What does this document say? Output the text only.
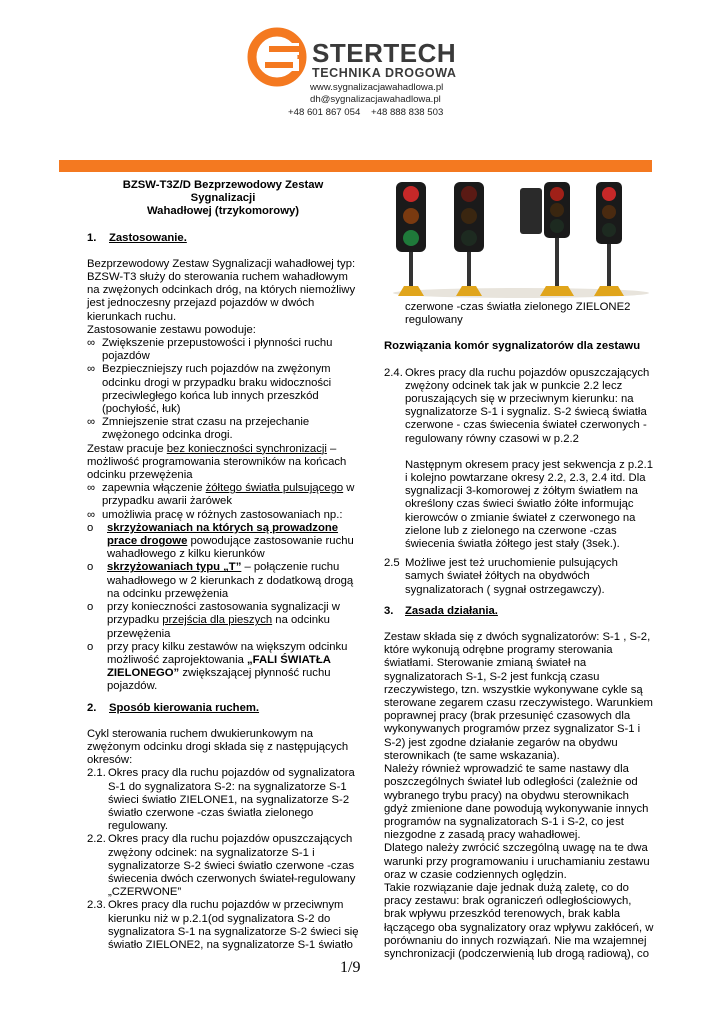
STERTECH
TECHNIKA DROGOWA
www.sygnalizacjawahadlowa.pl
dh@sygnalizacjawahadlowa.pl
+48 601 867 054 +48 888 838 503
BZSW-T3Z/D Bezprzewodowy Zestaw
Sygnalizacji
Wahadłowej (trzykomorowy)
1.	Zastosowanie.

Bezprzewodowy Zestaw Sygnalizacji wahadłowej typ: BZSW-T3 służy do sterowania ruchem wahadłowym na zwężonych odcinkach dróg, na których niemożliwy jest jednoczesny przejazd pojazdów w dwóch kierunkach ruchu.

Zastosowanie zestawu powoduje:

∞ Zwiększenie przepustowości i płynności ruchu pojazdów
∞ Bezpieczniejszy ruch pojazdów na zwężonym odcinku drogi w przypadku braku widoczności przeciwległego końca lub innych przeszkód (pochyłość, łuk)
∞ Zmniejszenie strat czasu na przejechanie zwężonego odcinka drogi.

Zestaw pracuje bez konieczności synchronizacji – możliwość programowania sterowników na końcach odcinku przewężenia

∞ zapewnia włączenie żółtego światła pulsującego w przypadku awarii żarówek
∞ umożliwia pracę w różnych zastosowaniach np.:
o	skrzyżowaniach na których są prowadzone prace drogowe powodujące zastosowanie ruchu wahadłowego z kilku kierunków
o	skrzyżowaniach typu „T” – połączenie ruchu wahadłowego w 2 kierunkach z dodatkową drogą na odcinku przewężenia
o	przy konieczności zastosowania sygnalizacji w przypadku przejścia dla pieszych na odcinku przewężenia
o	przy pracy kilku zestawów na większym odcinku możliwość zaprojektowania „FALI ŚWIATŁA ZIELONEGO” zwiększającej płynność ruchu pojazdów.
2.	Sposób kierowania ruchem.

Cykl sterowania ruchem dwukierunkowym na zwężonym odcinku drogi składa się z następujących okresów:

2.1. Okres pracy dla ruchu pojazdów od sygnalizatora S-1 do sygnalizatora S-2: na sygnalizatorze S-1 świeci światło ZIELONE1, na sygnalizatorze S-2 światło czerwone -czas światła zielonego regulowany.
2.2. Okres pracy dla ruchu pojazdów opuszczających zwężony odcinek: na sygnalizatorze S-1 i sygnalizatorze S-2 świeci światło czerwone -czas świecenia dwóch czerwonych świateł-regulowany „CZERWONE”
2.3. Okres pracy dla ruchu pojazdów w przeciwnym kierunku niż w p.2.1(od sygnalizatora S-2 do sygnalizatora S-1 na sygnalizatorze S-2 świeci się światło ZIELONE2, na sygnalizatorze S-1 światło

czerwone -czas światła zielonego ZIELONE2 regulowany

Rozwiązania komór sygnalizatorów dla zestawu

2.4. Okres pracy dla ruchu pojazdów opuszczających zwężony odcinek tak jak w punkcie 2.2 lecz poruszających się w przeciwnym kierunku: na sygnalizatorze S-1 i sygnaliz. S-2 świecą światła czerwone - czas świecenia świateł czerwonych - regulowany równy czasowi w p.2.2

Następnym okresem pracy jest sekwencja z p.2.1 i kolejno powtarzane okresy 2.2, 2.3, 2.4 itd. Dla sygnalizacji 3-komorowej z żółtym światłem na określony czas świeci światło żółte informując kierowców o zmianie świateł z czerwonego na zielone lub z zielonego na czerwone -czas świecenia światła żółtego jest stały (3sek.).

2.5 Możliwe jest też uruchomienie pulsujących samych świateł żółtych na obydwóch sygnalizatorach ( sygnał ostrzegawczy).
3.	Zasada działania.

Zestaw składa się z dwóch sygnalizatorów: S-1 , S-2, które wykonują odrębne programy sterowania światłami. Sterowanie zmianą świateł na sygnalizatorach S-1, S-2 jest funkcją czasu rzeczywistego, tzn. wszystkie wykonywane cykle są sterowane zegarem czasu rzeczywistego. Warunkiem poprawnej pracy (brak przesunięć czasowych dla wykonywanych programów przez sygnalizator S-1 i S-2) jest zgodne działanie zegarów na obydwu sterownikach (te same wskazania).

Należy również wprowadzić te same nastawy dla poszczególnych świateł lub odległości (zależnie od wybranego trybu pracy) na obydwu sterownikach gdyż zmienione dane powodują wykonywanie innych programów na sygnalizatorach S-1 i S-2, co jest niezgodne z zasadą pracy wahadłowej.

Dlatego należy zwrócić szczególną uwagę na te dwa warunki przy programowaniu i uruchamianiu zestawu oraz w czasie codziennych oględzin.

Takie rozwiązanie daje jednak dużą zaletę, co do pracy zestawu: brak ograniczeń odległościowych, brak wpływu przeszkód terenowych, brak kabla łączącego oba sygnalizatory oraz wpływu zakłóceń, w porównaniu do innych rozwiązań. Nie ma wzajemnej synchronizacji (podczerwienią lub drogą radiową), co

1/9
